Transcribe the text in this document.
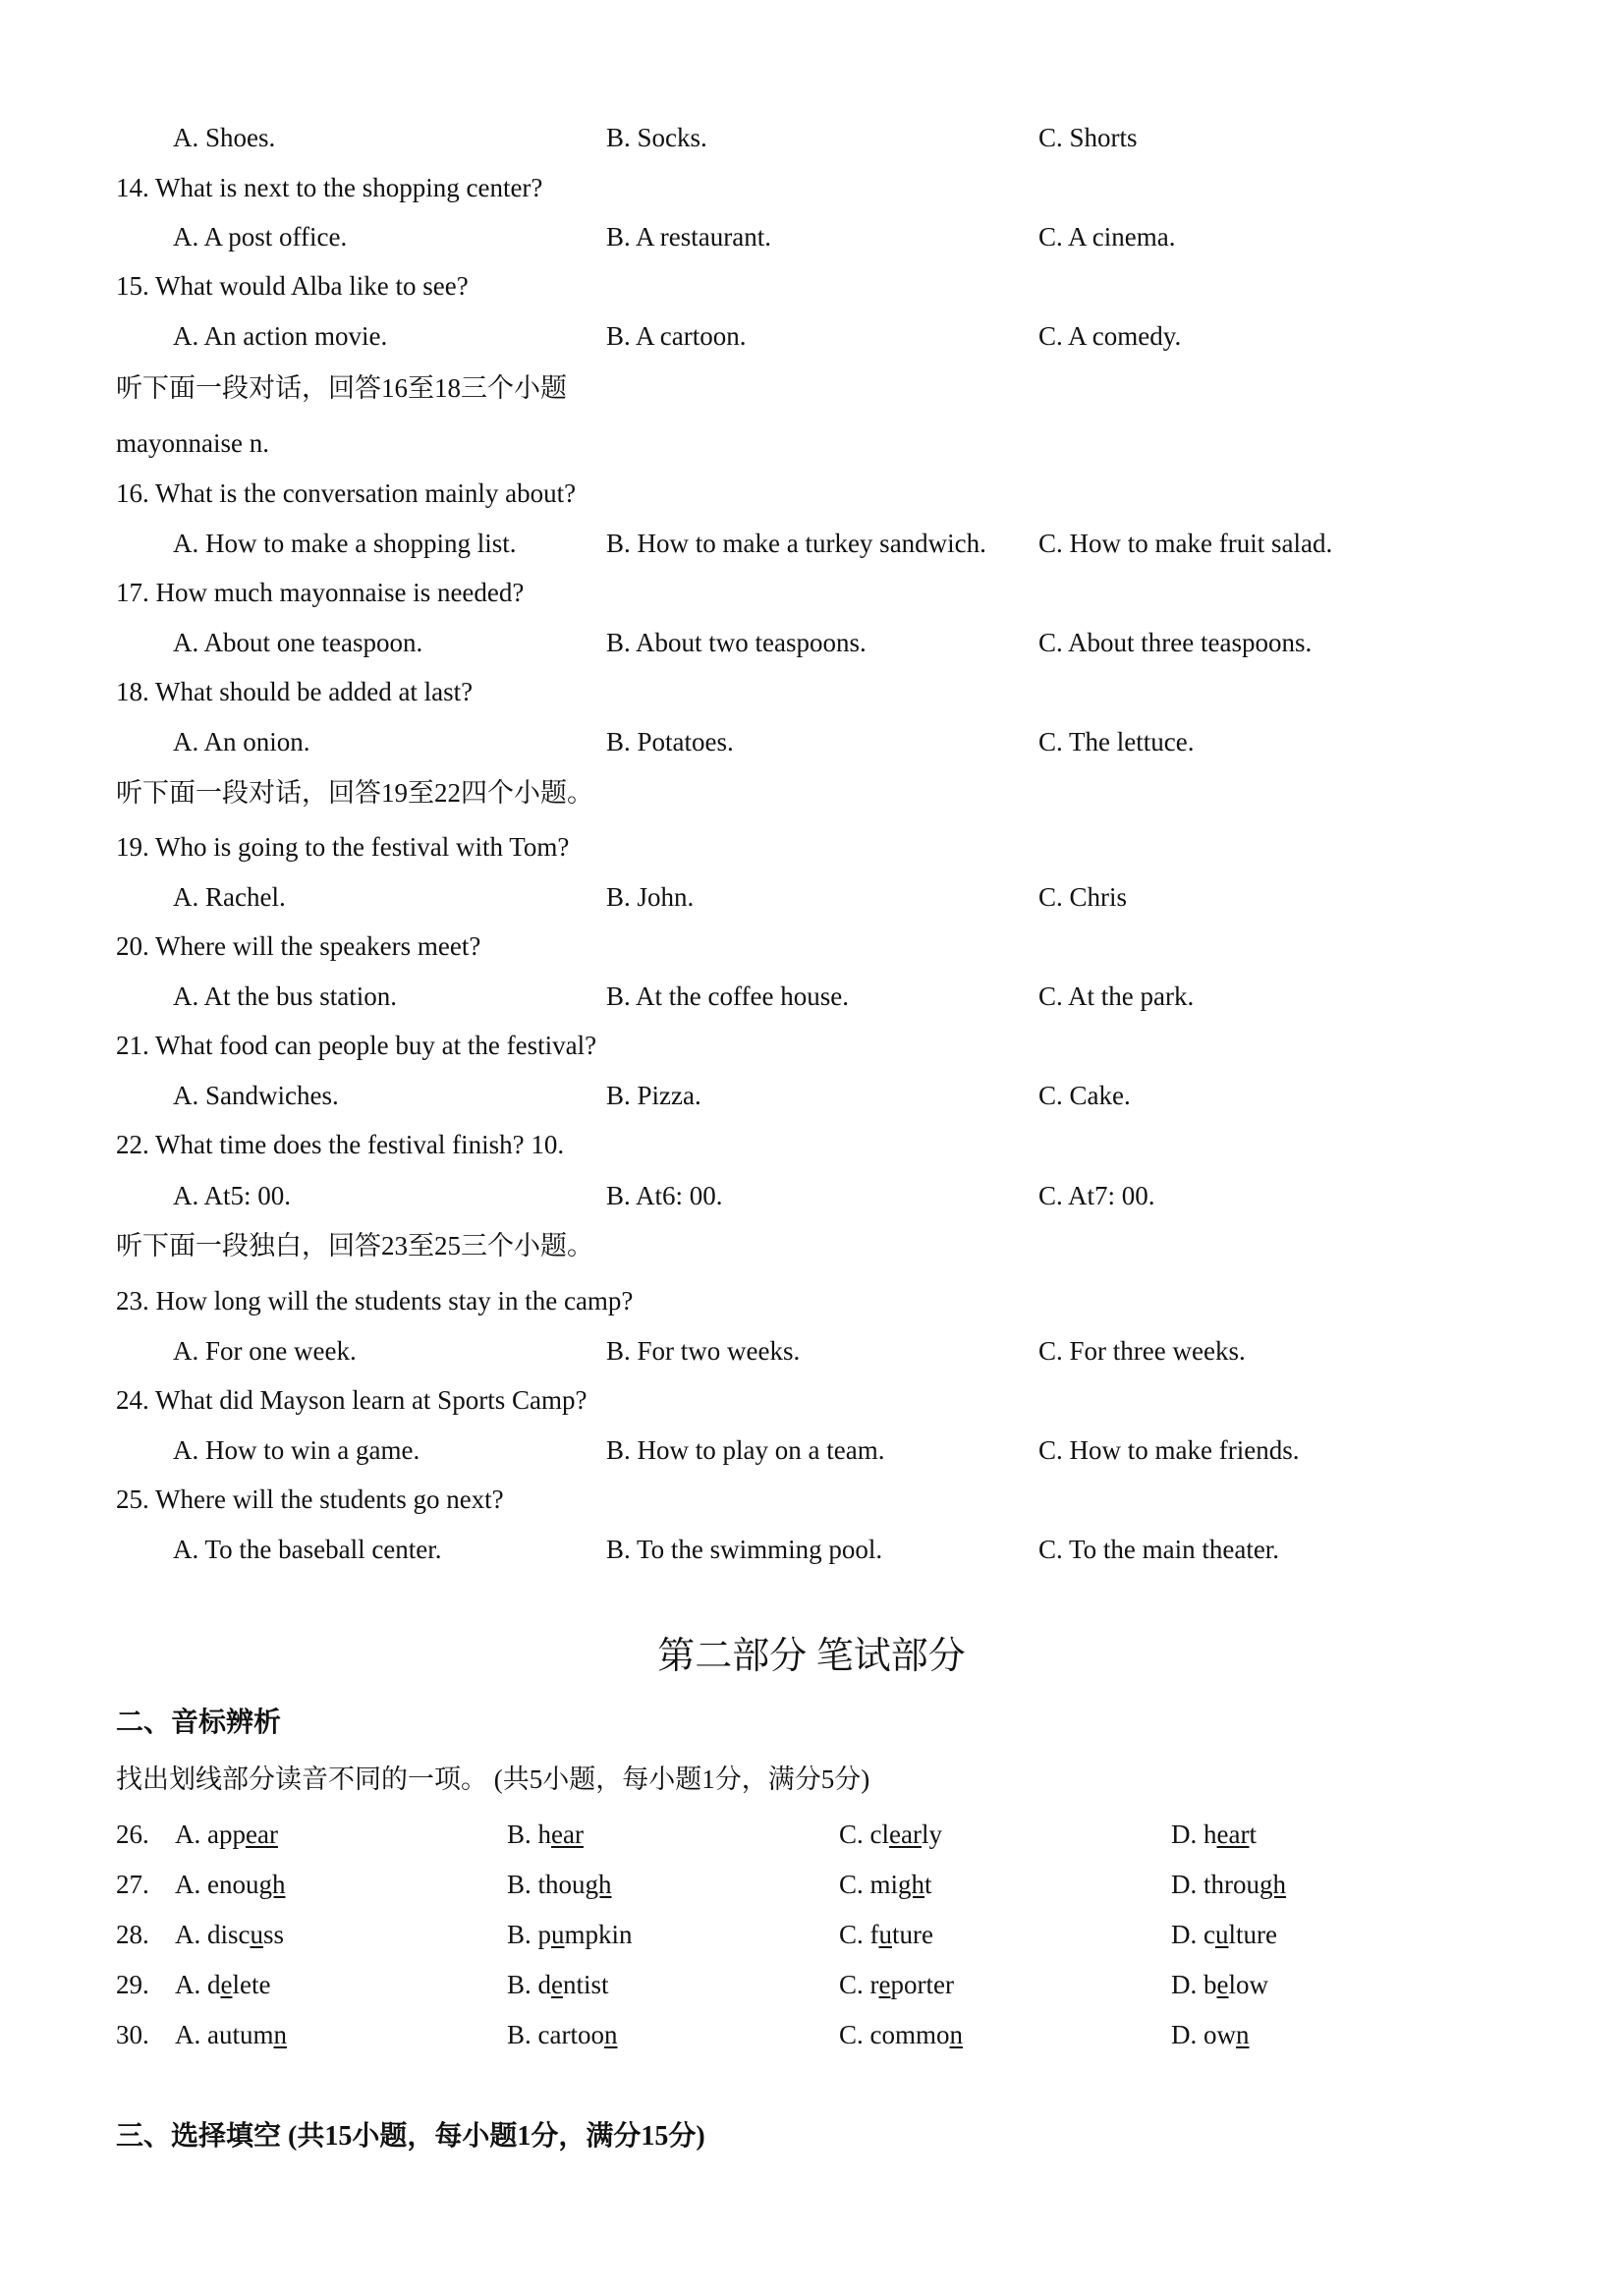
A. Shoes.	B. Socks.	C. Shorts
14. What is next to the shopping center?
A. A post office.	B. A restaurant.	C. A cinema.
15. What would Alba like to see?
A. An action movie.	B. A cartoon.	C. A comedy.
听下面一段对话，回答16至18三个小题
mayonnaise n.
16. What is the conversation mainly about?
A. How to make a shopping list.	B. How to make a turkey sandwich. C. How to make fruit salad.
17. How much mayonnaise is needed?
A. About one teaspoon.	B. About two teaspoons.	C. About three teaspoons.
18. What should be added at last?
A. An onion.	B. Potatoes.	C. The lettuce.
听下面一段对话，回答19至22四个小题。
19. Who is going to the festival with Tom?
A. Rachel.	B. John.	C. Chris
20. Where will the speakers meet?
A. At the bus station.	B. At the coffee house.	C. At the park.
21. What food can people buy at the festival?
A. Sandwiches.	B. Pizza.	C. Cake.
22. What time does the festival finish? 10.
A. At5: 00.	B. At6: 00.	C. At7: 00.
听下面一段独白，回答23至25三个小题。
23. How long will the students stay in the camp?
A. For one week.	B. For two weeks.	C. For three weeks.
24. What did Mayson learn at Sports Camp?
A. How to win a game.	B. How to play on a team.	C. How to make friends.
25. Where will the students go next?
A. To the baseball center.	B. To the swimming pool.	C. To the main theater.
第二部分 笔试部分
二、音标辨析
找出划线部分读音不同的一项。 (共5小题，每小题1分，满分5分)
26. A. appear	B. hear	C. clearly	D. heart
27. A. enough	B. though	C. might	D. through
28. A. discuss	B. pumpkin	C. future	D. culture
29. A. delete	B. dentist	C. reporter	D. below
30. A. autumn	B. cartoon	C. common	D. own
三、选择填空 (共15小题，每小题1分，满分15分)
